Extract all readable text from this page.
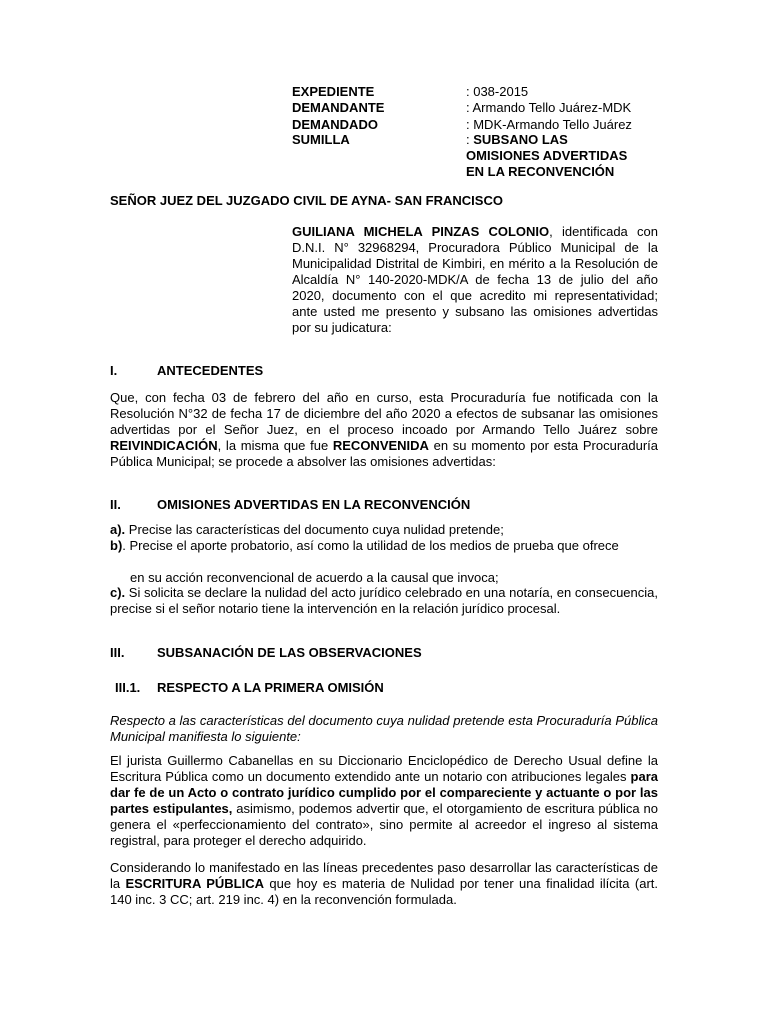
EXPEDIENTE	: 038-2015
DEMANDANTE	: Armando Tello Juárez-MDK
DEMANDADO	: MDK-Armando Tello Juárez
SUMILLA	: SUBSANO LAS
OMISIONES ADVERTIDAS
EN LA RECONVENCIÓN
SEÑOR JUEZ DEL JUZGADO CIVIL DE AYNA- SAN FRANCISCO
GUILIANA MICHELA PINZAS COLONIO, identificada con D.N.I. N° 32968294, Procuradora Público Municipal de la Municipalidad Distrital de Kimbiri, en mérito a la Resolución de Alcaldía N° 140-2020-MDK/A de fecha 13 de julio del año 2020, documento con el que acredito mi representatividad; ante usted me presento y subsano las omisiones advertidas por su judicatura:
I.	ANTECEDENTES
Que, con fecha 03 de febrero del año en curso, esta Procuraduría fue notificada con la Resolución N°32 de fecha 17 de diciembre del año 2020 a efectos de subsanar las omisiones advertidas por el Señor Juez, en el proceso incoado por Armando Tello Juárez sobre REIVINDICACIÓN, la misma que fue RECONVENIDA en su momento por esta Procuraduría Pública Municipal; se procede a absolver las omisiones advertidas:
II.	OMISIONES ADVERTIDAS EN LA RECONVENCIÓN
a). Precise las características del documento cuya nulidad pretende;
b). Precise el aporte probatorio, así como la utilidad de los medios de prueba que ofrece
en su acción reconvencional de acuerdo a la causal que invoca;
c). Si solicita se declare la nulidad del acto jurídico celebrado en una notaría, en consecuencia, precise si el señor notario tiene la intervención en la relación jurídico procesal.
III.	SUBSANACIÓN DE LAS OBSERVACIONES
III.1. RESPECTO A LA PRIMERA OMISIÓN
Respecto a las características del documento cuya nulidad pretende esta Procuraduría Pública Municipal manifiesta lo siguiente:
El jurista Guillermo Cabanellas en su Diccionario Enciclopédico de Derecho Usual define la Escritura Pública como un documento extendido ante un notario con atribuciones legales para dar fe de un Acto o contrato jurídico cumplido por el compareciente y actuante o por las partes estipulantes, asimismo, podemos advertir que, el otorgamiento de escritura pública no genera el «perfeccionamiento del contrato», sino permite al acreedor el ingreso al sistema registral, para proteger el derecho adquirido.
Considerando lo manifestado en las líneas precedentes paso desarrollar las características de la ESCRITURA PÚBLICA que hoy es materia de Nulidad por tener una finalidad ilícita (art. 140 inc. 3 CC; art. 219 inc. 4) en la reconvención formulada.
